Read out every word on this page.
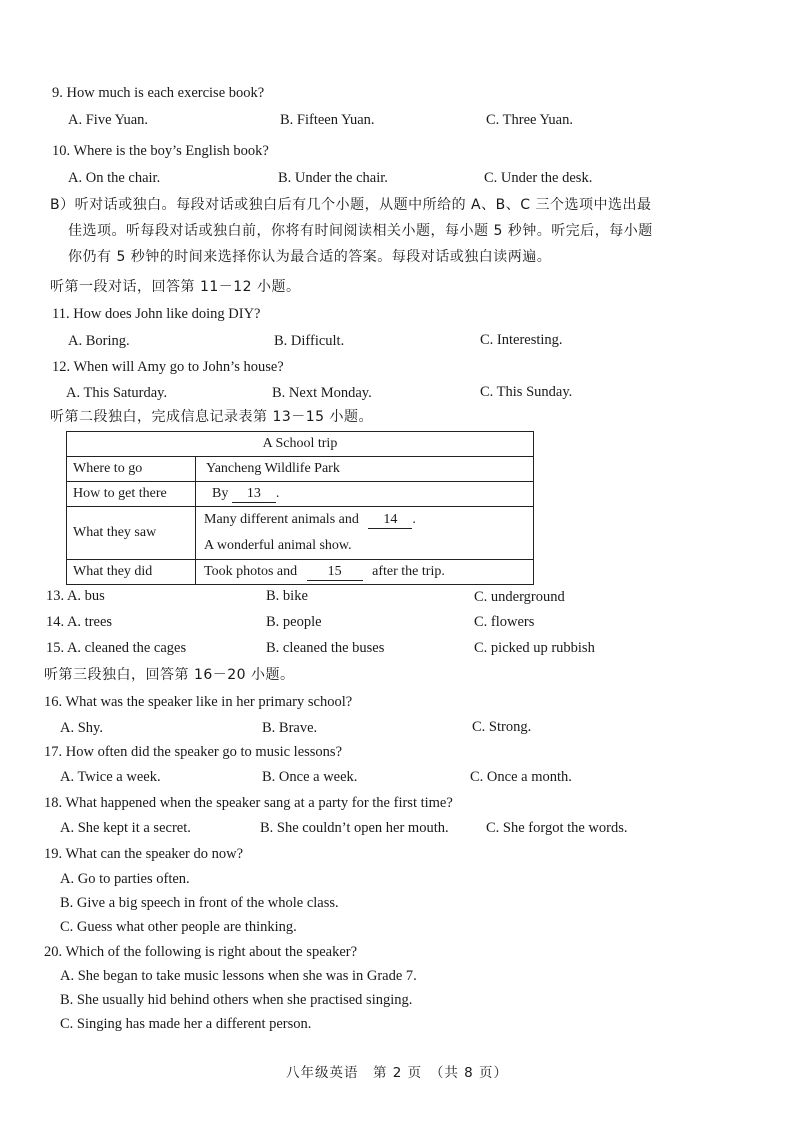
9. How much is each exercise book?
A. Five Yuan.	B. Fifteen Yuan.	C. Three Yuan.
10. Where is the boy’s English book?
A. On the chair.	B. Under the chair.	C. Under the desk.
B）听对话或独白。每段对话或独白后有几个小题，从题中所给的 A、B、C 三个选项中选出最
佳选项。听每段对话或独白前，你将有时间阅读相关小题，每小题 5 秒钟。听完后，每小题
你仍有 5 秒钟的时间来选择你认为最合适的答案。每段对话或独白读两遍。
听第一段对话，回答第 11－12 小题。
11. How does John like doing DIY?
A. Boring.	B. Difficult.	C. Interesting.
12. When will Amy go to John’s house?
A. This Saturday.	B. Next Monday.	C. This Sunday.
听第二段独白，完成信息记录表第 13－15 小题。
A School trip	
Where to go	Yancheng Wildlife Park
How to get there	By 13 .
What they saw	Many different animals and 14 .
A wonderful animal show.

What they did	Took photos and 15 after the trip.
13. A. bus	B. bike	C. underground
14. A. trees	B. people	C. flowers
15. A. cleaned the cages	B. cleaned the buses	C. picked up rubbish
听第三段独白，回答第 16－20 小题。
16. What was the speaker like in her primary school?
A. Shy.	B. Brave.	C. Strong.
17. How often did the speaker go to music lessons?
A. Twice a week.	B. Once a week.	C. Once a month.
18. What happened when the speaker sang at a party for the first time?
A. She kept it a secret.	B. She couldn’t open her mouth.	C. She forgot the words.
19. What can the speaker do now?
A. Go to parties often.
B. Give a big speech in front of the whole class.
C. Guess what other people are thinking.
20. Which of the following is right about the speaker?
A. She began to take music lessons when she was in Grade 7.
B. She usually hid behind others when she practised singing.
C. Singing has made her a different person.
八年级英语　第 2 页　（共 8 页）
